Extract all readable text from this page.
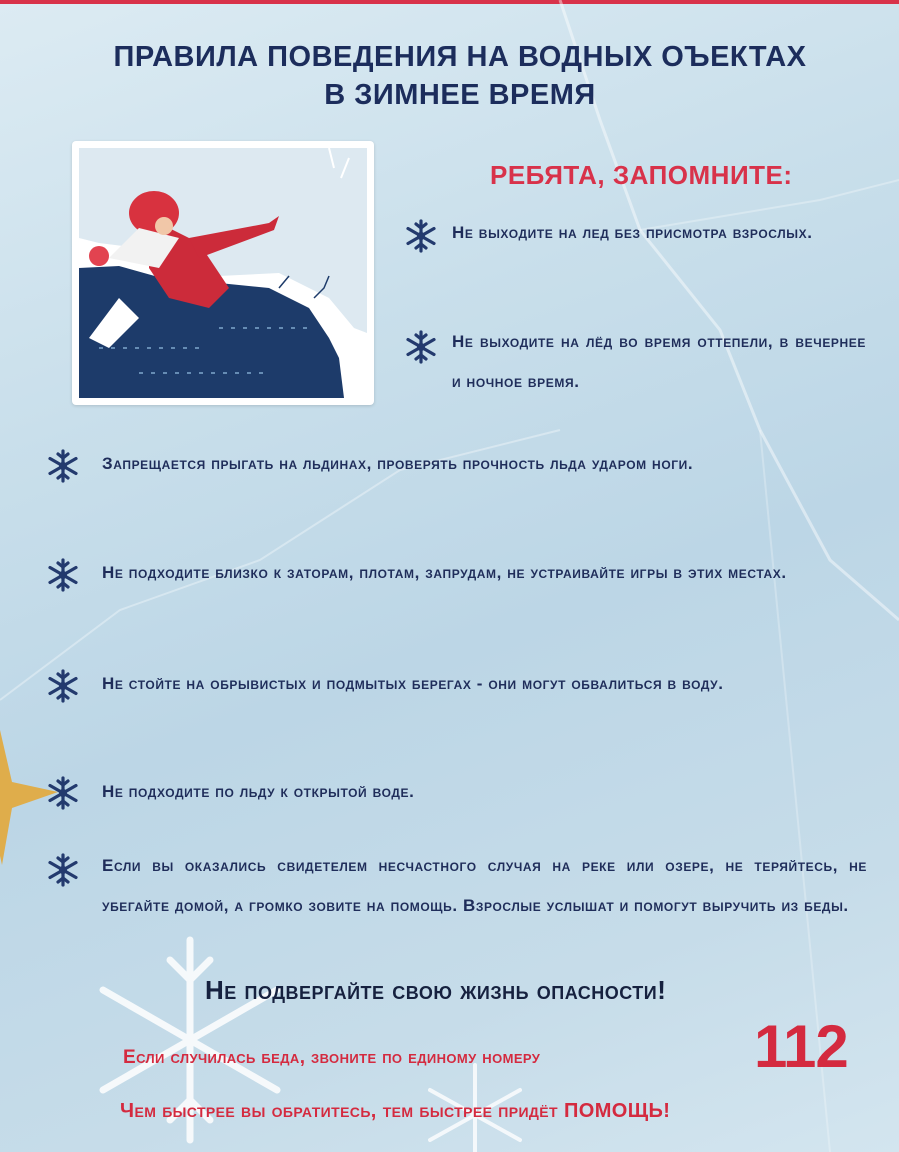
ПРАВИЛА ПОВЕДЕНИЯ НА ВОДНЫХ ОЪЕКТАХ
В ЗИМНЕЕ ВРЕМЯ
РЕБЯТА, ЗАПОМНИТЕ:
Не выходите на лед без присмотра взрослых.
Не выходите на лёд во время оттепели, в вечернее и ночное время.
Запрещается прыгать на льдинах, проверять прочность льда ударом ноги.
Не подходите близко к заторам, плотам, запрудам, не устраивайте игры в этих местах.
Не стойте на обрывистых и подмытых берегах - они могут обвалиться в воду.
Не подходите по льду к открытой воде.
Если вы оказались свидетелем несчастного случая на реке или озере, не теряйтесь, не убегайте домой, а громко зовите на помощь. Взрослые услышат и помогут выручить из беды.
Не подвергайте свою жизнь опасности!
Если случилась беда, звоните по единому номеру	112
Чем быстрее вы обратитесь, тем быстрее придёт ПОМОЩЬ!
